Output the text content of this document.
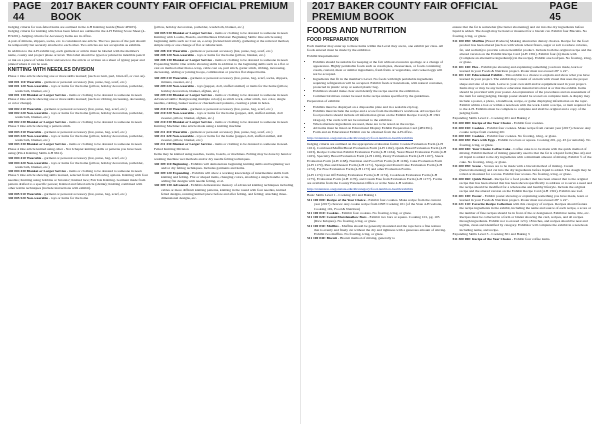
PAGE 44
2017 BAKER COUNTY FAIR OFFICIAL PREMIUM BOOK

Judging criteria for non-felted items are outlined in the 4-H Knitting Guide (Basic 4H105). Judging criteria for knitting which has been felted are outlined in the 4-H Felting Score Sheet (4-H 9201). Judging criteria for Accessory Items are in office.

A pair of mittens, slippers, socks, etc. is considered one article. The two pieces of the pair should be temporarily but securely attached to each other. Two articles are not acceptable as exhibits.

In addition to the 4-H exhibit tag, each garment or article must be labeled with the member's name, county and project phase or level. This label should be typed or printed in indelible pencil or ink on a piece of white fabric and sewn to the article or written on a sheet of typing paper and pinned where it can be seen.

KNITTING WITH NEEDLES DIVISION

Phase 1 One article showing one or more skills learned; (such as: knit, purl, bind-off, or cast on).

340 001 110 Wearable - garment or personal accessory (hat, purse, bag, scarf, etc.)

340 001 120 Non-wearable - toys or items for the home (pillow, holiday decoration, potholder, washcloth, blanket, etc.)

340 001 130 Blanket or Larger Service - items or clothing to be donated to someone in need.

Phase 2 One article showing one or more skills learned; (such as: ribbing, increasing, decreasing, or color change).

340 002 210 Wearable - garment or personal accessory (hat, purse, bag, scarf, etc.)

340 002 220 Non-wearable - toys or items for the home (pillow, holiday decoration, potholder, washcloth, blanket, etc.)

340 002 230 Blanket or Larger Service - items or clothing to be donated to someone in need.

Phase 3 One article showing a pattern stitch.

340 003 310 Wearable - garment or personal accessory (hat, purse, bag, scarf, etc.)

340 003 320 Non-wearable - toys or items for the home (pillow, holiday decoration, potholder, washcloth, blanket, etc.)

340 003 330 Blanket or Larger Service - items or clothing to be donated to someone in need.

Phase 4 One article knitted using other - Not Ichapter knitting skills or patterns you have been using (Pin 4 Knitting Skills 4-H 9611).

340 004 410 Wearable - garment or personal accessory (hat, purse, bag, scarf, etc.)

340 004 420 Non-wearable - toys or items for the home (pillow, holiday decoration, potholder, washcloth, blanket, etc.)

340 004 430 Blanket or Larger Service - items or clothing to be donated to someone in need.

Phase 5 One article showing skills learned, selected from the following options. Knitting with four needles; Knitting using bobbins or 'intarsia'; Knitted lace; Fair Isle Knitting. Garment made from pattern drafted to a specific person; Knitted and felted article (shrink); Knitting combined with other textile techniques (include instructions with exhibit).

340 005 510 Wearable - garment or personal accessory (hat, purse, bag, scarf, etc.)

340 005 520 Non-wearable - toys or items for the home

(pillow, holiday decoration, potholder, washcloth, blanket, etc.)

340 005 530 Blanket or Larger Service - items or clothing to be donated to someone in need.

Knitting with Looms, Boards, and Machines Division: Beginning Skills: One article using beginning skills such as: Cast on, e-wrap (twisted knit stitch), gathering at the removal method, simple strip or one change of flat or tubular knit.

340 208 110 Wearable - garment or personal accessory (hat, purse, bag, scarf, etc.)

340 208 120 Non-wearable - toys or items for the home (pillow, blanket, etc.)

340 208 130 Blanket or Larger Service - items or clothing to be donated to someone in need.

Expanding Skills: One article showing skills in addition to the beginning skills such as a flat or cast on method other than e-wrap, cable cast on, purl stitch, garter stitch, ribbing, increasing, decreasing, adding or joining hoops, combination or practice flat shaped items.

340 209 210 Wearable - garment or personal accessory (hat, purse, bag, scarf, socks, slippers, mittens, sweater, etc.)

340 209 220 Non-wearable - toys (puppet, doll, stuffed animal) or items for the home (pillow, holiday decoration, blanket, afghan, etc.)

340 209 230 Blanket or Larger Service - items or clothing to be donated to someone in need.

Advanced skills: Design using multiple color(s) as stitch work, other stitch, two color, single needles, cabling, basket weave or checkerboard patterns, creating a plain in holes.

340 210 310 Wearable - garment or personal accessory (hat, purse, bag, scarf, etc.)

340 210 320 Non-wearable - toys or items for the home (puppet, doll, stuffed animal, doll sweater, pillow, blanket, afghan, etc.)

340 210 330 Blanket or Larger Service - items or clothing to be donated to someone in need.

Knitting Machine: One article made using a knitting machine

340 211 410 Wearable - garment or personal accessory (hat, purse, bag, scarf, etc.)

340 211 420 Non-wearable - toys or items for the home (puppet, doll, stuffed animal, doll sweater, pillow, blanket, etc.)

340 211 430 Blanket or Larger Service - items or clothing to be donated to someone in need.

Felted Knitting Division

Items may be knitted using needles, looms, boards, or machines. Felting may be done by hand or washing machine wet methods and/or dry needle felting techniques.

340 309 110 Beginning - Exhibits will demonstrate beginning knitting skills and beginning wet and/or dry felting techniques. Includes garments and items.

340 309 120 Expanding - Exhibits will show a working knowledge of intermediate skills both knitting and felting. Flat or shaped items, changing colors, attaching a single handle or tie, adding flat designs with needle felting, et al.

340 309 130 Advanced - Exhibits demonstrate mastery of advanced knitting techniques including cables or more difficult knitting patterns, knitting in the round with four needles, knitted felted designs, resizing knitted piece before and after felting, and felting; attaching three-dimensional designs, etc.

2017 BAKER COUNTY FAIR OFFICIAL PREMIUM BOOK
PAGE 45

FOODS AND NUTRITION

FOOD PREPARATION

Each member may enter up to three items within the Level they are in, one exhibit per class. All foods entered must be made by the exhibitor.

Exhibit Requirements:

• Exhibits should be suitable for keeping at the fair without excessive spoilage or a change of appearance. Highly perishable foods such as cream pies, cheesecakes, or foods containing cream, custard, meat or similar ingredients, fresh fruits or vegetables, and cooked eggs will not be accepted.
• Ingredients that fit in the member's Level. No foods with high perishable ingredients requiring refrigeration will be accepted. Exhibit fresh or hand-made, with natural container, protected in plastic wrap or sealed plastic bag.
• Exhibitors should make clear and identify the recipe used in the exhibition.
• Commercial mixes cannot be used in the recipe unless specified by the guidelines.

Preparation of exhibits:

• Exhibits must be displayed on a disposable plate and in a sealable zip bag.
• Exhibits must include the recipe and a score from the member's workbook. All recipes for food products should include all information given on the Exhibit Recipe Card (4-H 1391 Oregon). The cards will not be returned to the exhibitor.
• When alternate ingredients are used, these are to be noted on the recipe.
• All items must be listed on Educational Display Exhibit Preparation Card (4H1391).
• Form and an Educational Exhibit can be obtained from the 4-H office.

http://extension.oregonstate.edu/4h/category/food-nutrition-health/exhibits

Judging criteria are outlined on the appropriate evaluation forms: Cookie Evaluation Form (4-H 1161), Cornbread/Muffin/Bread Evaluation Form (4-H 1162), Quick Bread Evaluation Form (4-H 1163), Recipe Collection Exhibit Evaluation Form (4-H 1164), Yeast Bread Evaluation Form (4-H 1165), Specialty Bread Evaluation Form (4-H 1166), Pastry Evaluation Form (4-H 1167), Snack Evaluation Form (4-H 1168), Nutrition and Food Fair Form (4-H 1169), Cake Evaluation Form (4-H 1170), Pies and Dessert Form (4-H 1171), Sponge and Pound Cake Evaluation Form (4-H 1172), Fat Free Evaluation Form (4-H 1173) and other Evaluation Forms.

(4-H 1174) Cast Off Fairing Evaluation Form (4-H 1174), Cookbook Evaluation Form (4-H 1175), Evaluation Form (4-H 1176), and Cream Free from Evaluation Form (4-H 1177). Forms are available from the County Extension Office or at the State 4-H website.

http://extension.oregonstate.edu/4h/category/food-nutrition-health/exhibits

Basic Skills Level 1 - Cooking 101 and Baking 1

511 100 000: Recipe of the Year Choice - Exhibit four cookies. Make recipe from the current year (2017) choices: Any cookie recipe from ONE Cooking 101 (of the State 4-H website, Cooking 101, Food & Nutrition)

511 100 010: Cookies - Exhibit four cookies. No frosting, icing, or glaze.

511 100 020: Cereal Marshmallow Bars - Exhibit two bars or square. Cooking 101, pg. 105 (Rice Krispies). No frosting, icing, or glaze.

511 100 030: Muffins - Muffins should be generally mounded and the tops have a fine texture that is evenly and finely cut without the dry and tightness with a generous amount of stirring. Exhibit two muffins. No frosting, icing, or glaze.

511 100 040: Biscuit - Biscuit method of mixing, generally to

ensure that the fat is somewhat (the butter shortening) and cut into the dry ingredients before liquid is added. The dough may be hand or mounted for a biscuit cut. Exhibit four Biscuits. No frosting, icing, or glaze.

511 100 050: Muffins (Bread Products) Making alternative dietary choices. Recipe for the food product has been altered (such as with whole wheat flours, sugar or salt to reduce calories, fat, and sodium) to provide a more healthful product. Include both the original recipe and the altered version on the Exhibit Recipe Card (4-H 1391). Exhibit four (4) made with (Complete an alternative ingredient(s) in the recipe). Exhibit one loaf/pan. No frosting, icing, or glaze.

511 101 100: Pies - Exhibit pie showing and explaining something you have made, learn or learned in your Foods & Nutrition project. Poster must not exceed 28" x 22".

511 101 110: Educational Exhibit - This exhibit is a chance to explain and show what you have learned in your project. The exhibit may consist of an item with visual that uses the proper shape and size of an item. Leave to your own skill and/or equipment used in your project. Items may or may be any item or education material involved at or that the exhibit. Items should be provided with your poster. An explanation of the procedures and an assessment of the item for using judging. Design poster should be scored on complete item. A display may include a poster, a photo, a handbook, recipe, or game displaying information on the topic. Exhibit within a box or within a notebook with the work. Limit a recipe, or item required for to the 4-H. Exhibits must be complete to complete and shall be original and a copy of the judging form.

Expanding Skills Level 2 - Cooking 201 and Baking 2

511 200 000: Recipe of the Year Choice - Exhibit four cookies.

511 200 010: Cookies - Exhibit four cookies. Make recipe from current year (2017) choices: Any cookie recipe from cooking 201

511 200 020: Cookies - Exhibit four cookies. No frosting, icing, or glaze.

511 200 030: Bars with Eggs - Exhibit two bars or square. Cooking 201, pg. 45 (or suitable). No frosting, icing, or glaze.

511 200 040: Your Choice Coffee Cake - Coffee cake is to be made with the quick method of mixing. Exhibit method of mixing generally used is that the fat is a liquid form (like oil) and all liquid is added to the dry ingredients with a minimum amount of mixing. Exhibit ½ of the cake. No frosting, icing, or glaze.

511 200 050: Scone - Scones are to be made with a biscuit method of mixing. Cream (butter/shortening) and cut into the dry ingredients before liquid is added. The dough may be rolled or mounted for a scone. Exhibit four scones. No frosting, icing, or glaze.

511 200 060: Quick Bread - Recipe for a food product that has been altered that to the original recipe that has been altered that has been shown specifically to address or to serve a need and the recipe should be modified for a wholesome and healthy lifestyle. Include the original recipe and the altered version on the Exhibit Recipe Card (4-H 1391). Exhibit one loaf.

511 201 100: Poster - Exhibit poster showing or explaining something you have made, learn or learned in your Foods & Nutrition project. Poster must not exceed 28" x 22".

511 221 110: Favorite Recipe Collection with this category of recipes. Recipes should feature the recipe ingredients in the exhibit, including the name and source of each recipe, a score or the number of fine recipes should be in front of the or designated. Exhibitor name, title, etc. Recipes must be collected in a form or binder showing the card, recipes, and all recipes through ingredients. Exhibit not to exceed 12 by 18 inches, and recipes should be neat and legible, clean and identified by category. Exhibitor will complete the exhibit in a notebook including name, and recipe.

Expanding Skills Level 3 - Cooking 301 and Baking 3

511 300 000: Recipe of the Year Choice - Exhibit four coffee items.
